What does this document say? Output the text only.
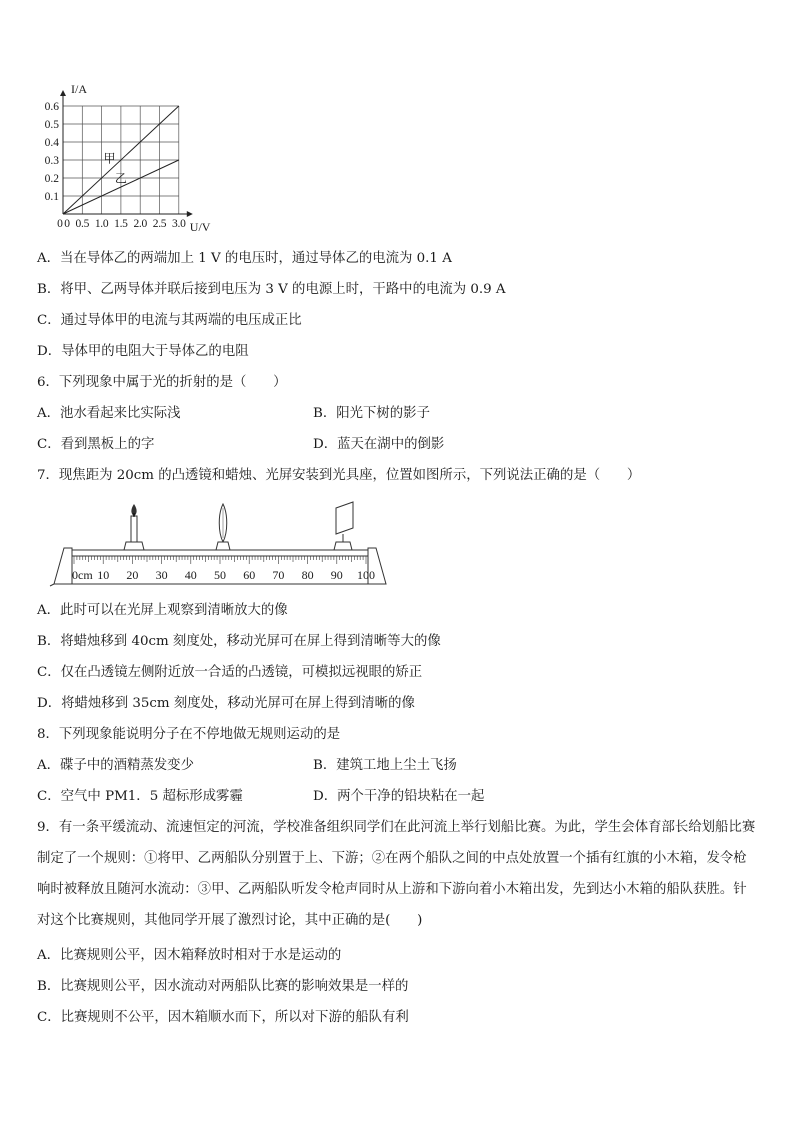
甲
乙
0.1
0.2
0.3
0.4
0.5
0.6
0 0 0.5 1.0 1.5 2.0 2.5 3.0
I/A
U/V
A．当在导体乙的两端加上 1 V 的电压时，通过导体乙的电流为 0.1 A
B．将甲、乙两导体并联后接到电压为 3 V 的电源上时，干路中的电流为 0.9 A
C．通过导体甲的电流与其两端的电压成正比
D．导体甲的电阻大于导体乙的电阻
6．下列现象中属于光的折射的是（　　）
A．池水看起来比实际浅	B．阳光下树的影子
C．看到黑板上的字	D．蓝天在湖中的倒影
7．现焦距为 20cm 的凸透镜和蜡烛、光屏安装到光具座，位置如图所示，下列说法正确的是（　　）
0cm 10 20 30 40 50 60 70 80 90 100
A．此时可以在光屏上观察到清晰放大的像
B．将蜡烛移到 40cm 刻度处，移动光屏可在屏上得到清晰等大的像
C．仅在凸透镜左侧附近放一合适的凸透镜，可模拟远视眼的矫正
D．将蜡烛移到 35cm 刻度处，移动光屏可在屏上得到清晰的像
8．下列现象能说明分子在不停地做无规则运动的是
A．碟子中的酒精蒸发变少	B．建筑工地上尘土飞扬
C．空气中 PM1．5 超标形成雾霾	D．两个干净的铅块粘在一起
9．有一条平缓流动、流速恒定的河流，学校准备组织同学们在此河流上举行划船比赛。为此，学生会体育部长给划船比赛制定了一个规则：①将甲、乙两船队分别置于上、下游；②在两个船队之间的中点处放置一个插有红旗的小木箱，发令枪响时被释放且随河水流动：③甲、乙两船队听发令枪声同时从上游和下游向着小木箱出发，先到达小木箱的船队获胜。针对这个比赛规则，其他同学开展了激烈讨论，其中正确的是(　　)
A．比赛规则公平，因木箱释放时相对于水是运动的
B．比赛规则公平，因水流动对两船队比赛的影响效果是一样的
C．比赛规则不公平，因木箱顺水而下，所以对下游的船队有利
